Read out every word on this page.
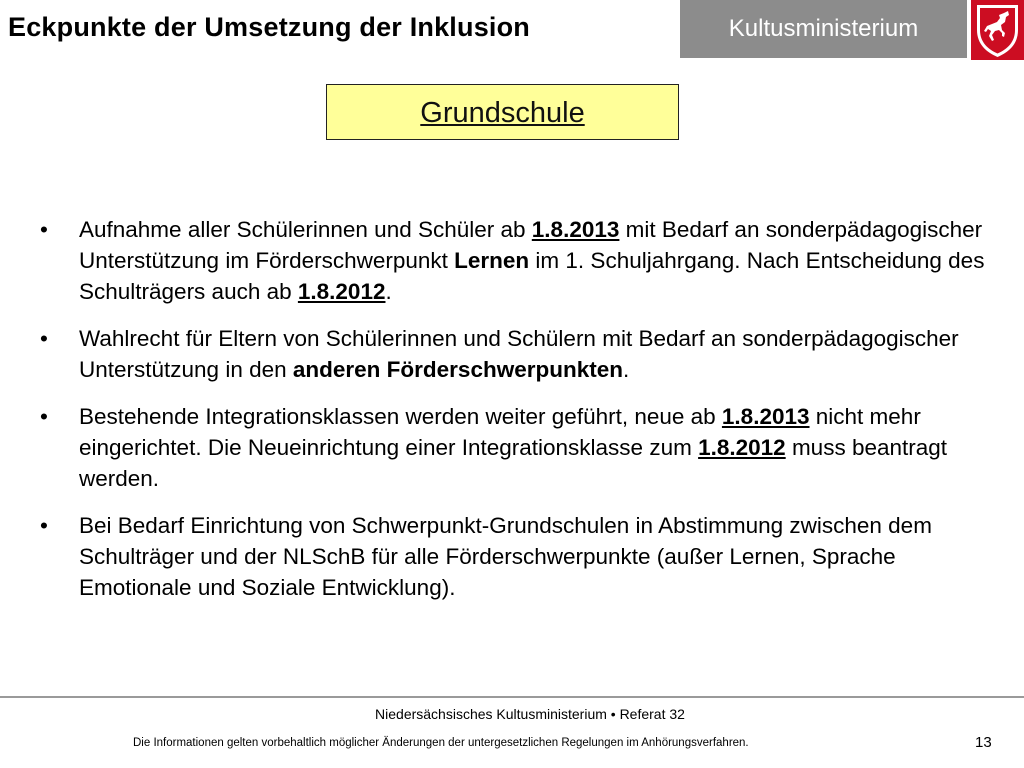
Eckpunkte der Umsetzung der Inklusion	Kultusministerium
Grundschule
• Aufnahme aller Schülerinnen und Schüler ab 1.8.2013 mit Bedarf an sonderpädagogischer Unterstützung im Förderschwerpunkt Lernen im 1. Schuljahrgang. Nach Entscheidung des Schulträgers auch ab 1.8.2012.
• Wahlrecht für Eltern von Schülerinnen und Schülern mit Bedarf an sonderpädagogischer Unterstützung in den anderen Förderschwerpunkten.
• Bestehende Integrationsklassen werden weiter geführt, neue ab 1.8.2013 nicht mehr eingerichtet. Die Neueinrichtung einer Integrationsklasse zum 1.8.2012 muss beantragt werden.
• Bei Bedarf Einrichtung von Schwerpunkt-Grundschulen in Abstimmung zwischen dem Schulträger und der NLSchB für alle Förderschwerpunkte (außer Lernen, Sprache Emotionale und Soziale Entwicklung).
Niedersächsisches Kultusministerium • Referat 32
Die Informationen gelten vorbehaltlich möglicher Änderungen der untergesetzlichen Regelungen im Anhörungsverfahren.	13
